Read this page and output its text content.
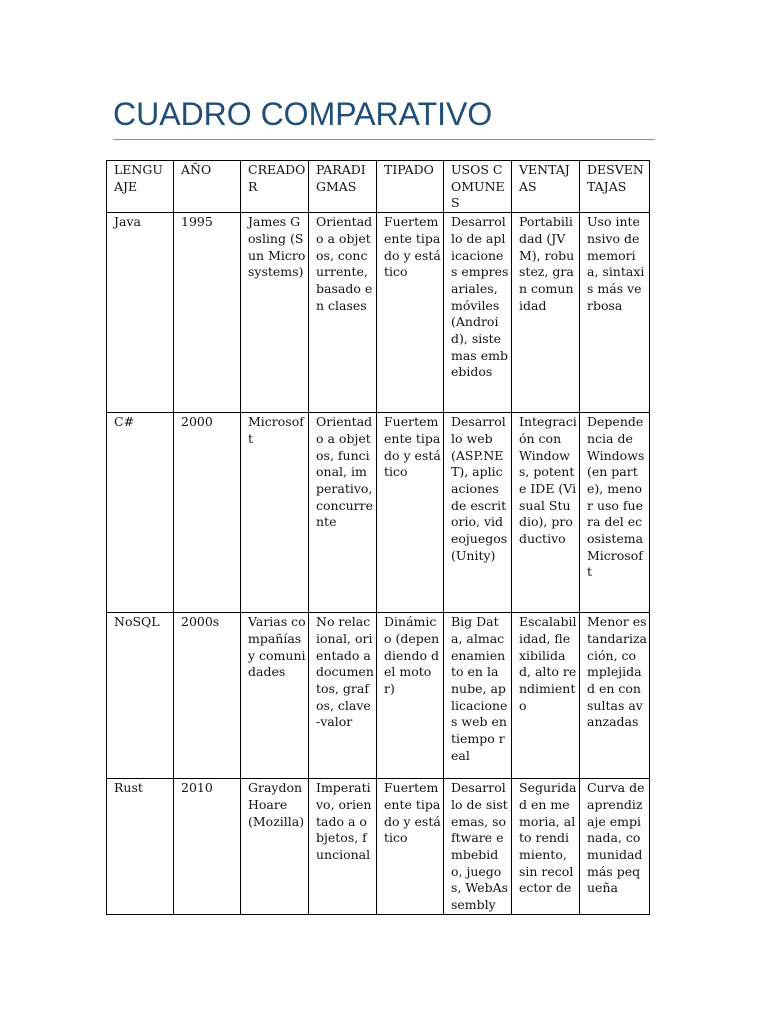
CUADRO COMPARATIVO
LENGUAJE	AÑO	CREADOR	PARADIGMAS	TIPADO	USOS COMUNES	VENTAJAS	DESVENTAJAS
Java	1995	James Gosling (Sun Microsystems)	Orientado a objetos, concurrente, basado en clases	Fuertemente tipado y estático	Desarrollo de aplicaciones empresariales, móviles (Android), sistemas embebidos	Portabilidad (JVM), robustez, gran comunidad	Uso intensivo de memoria, sintaxis más verbosa
C#	2000	Microsoft	Orientado a objetos, funcional, imperativo, concurrente	Fuertemente tipado y estático	Desarrollo web (ASP.NET), aplicaciones de escritorio, videojuegos (Unity)	Integración con Windows, potente IDE (Visual Studio), productivo	Dependencia de Windows (en parte), menor uso fuera del ecosistema Microsoft
NoSQL	2000s	Varias compañías y comunidades	No relacional, orientado a documentos, grafos, clave-valor	Dinámico (dependiendo del motor)	Big Data, almacenamiento en la nube, aplicaciones web en tiempo real	Escalabilidad, flexibilidad, alto rendimiento	Menor estandarización, complejidad en consultas avanzadas
Rust	2010	Graydon Hoare (Mozilla)	Imperativo, orientado a objetos, funcional	Fuertemente tipado y estático	Desarrollo de sistemas, software embebido, juegos, WebAssembly	Seguridad en memoria, alto rendimiento, sin recolector de	Curva de aprendizaje empinada, comunidad más pequeña
